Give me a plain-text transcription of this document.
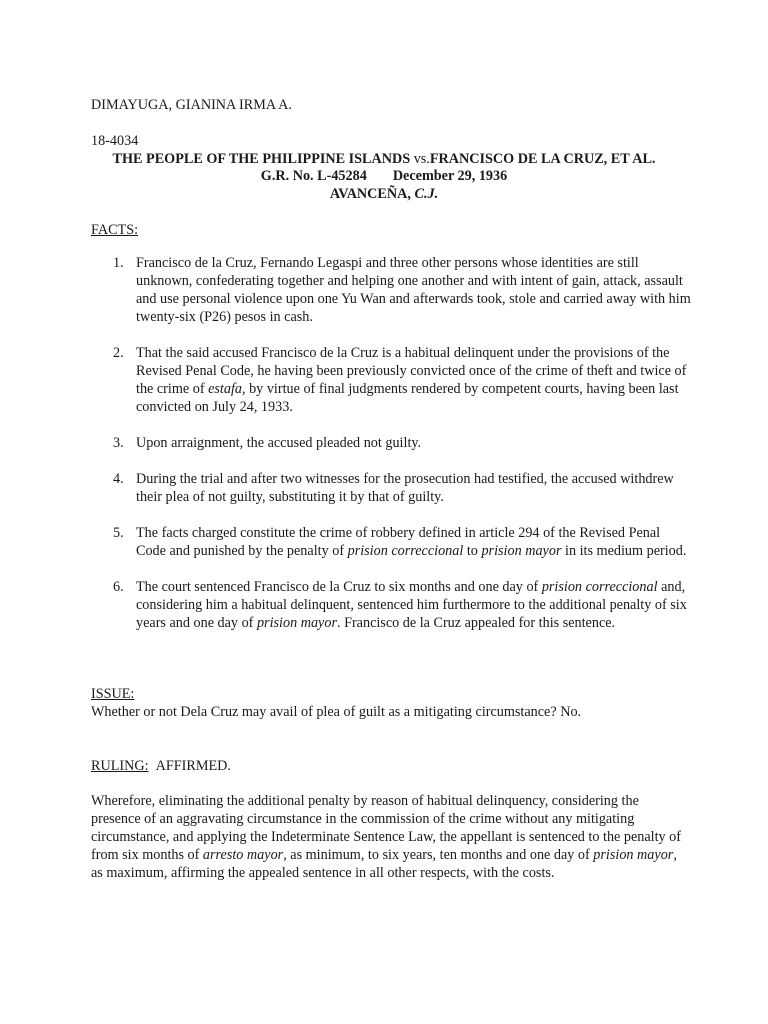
DIMAYUGA, GIANINA IRMA A.
18-4034
THE PEOPLE OF THE PHILIPPINE ISLANDS vs.FRANCISCO DE LA CRUZ, ET AL.
G.R. No. L-45284 December 29, 1936
AVANCEÑA, C.J.
FACTS:
1. Francisco de la Cruz, Fernando Legaspi and three other persons whose identities are still unknown, confederating together and helping one another and with intent of gain, attack, assault and use personal violence upon one Yu Wan and afterwards took, stole and carried away with him twenty-six (P26) pesos in cash.
2. That the said accused Francisco de la Cruz is a habitual delinquent under the provisions of the Revised Penal Code, he having been previously convicted once of the crime of theft and twice of the crime of estafa, by virtue of final judgments rendered by competent courts, having been last convicted on July 24, 1933.
3. Upon arraignment, the accused pleaded not guilty.
4. During the trial and after two witnesses for the prosecution had testified, the accused withdrew their plea of not guilty, substituting it by that of guilty.
5. The facts charged constitute the crime of robbery defined in article 294 of the Revised Penal Code and punished by the penalty of prision correccional to prision mayor in its medium period.
6. The court sentenced Francisco de la Cruz to six months and one day of prision correccional and, considering him a habitual delinquent, sentenced him furthermore to the additional penalty of six years and one day of prision mayor. Francisco de la Cruz appealed for this sentence.
ISSUE:
Whether or not Dela Cruz may avail of plea of guilt as a mitigating circumstance? No.
RULING: AFFIRMED.
Wherefore, eliminating the additional penalty by reason of habitual delinquency, considering the presence of an aggravating circumstance in the commission of the crime without any mitigating circumstance, and applying the Indeterminate Sentence Law, the appellant is sentenced to the penalty of from six months of arresto mayor, as minimum, to six years, ten months and one day of prision mayor, as maximum, affirming the appealed sentence in all other respects, with the costs.
